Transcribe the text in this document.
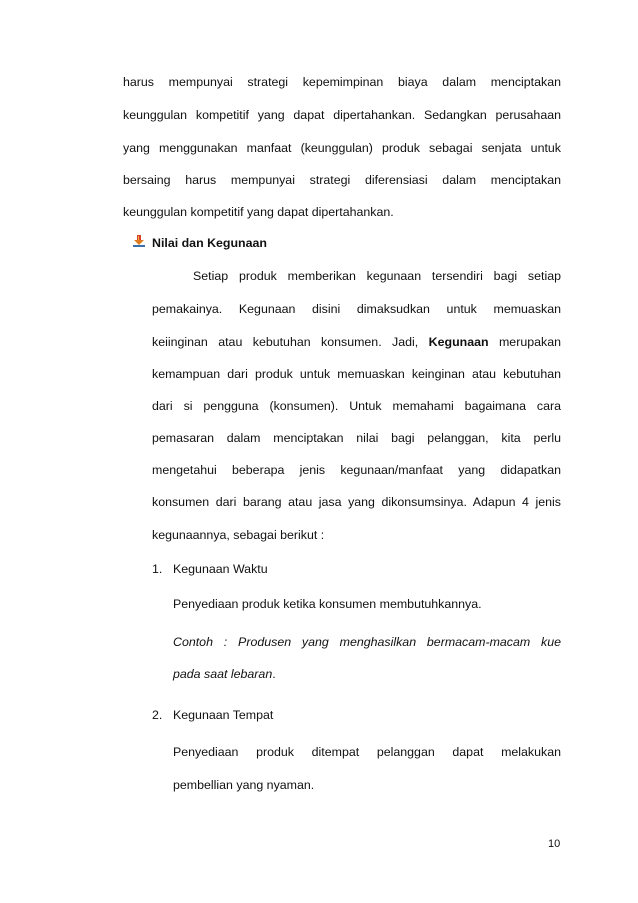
harus mempunyai strategi kepemimpinan biaya dalam menciptakan
keunggulan kompetitif yang dapat dipertahankan. Sedangkan perusahaan
yang menggunakan manfaat (keunggulan) produk sebagai senjata untuk
bersaing harus mempunyai strategi diferensiasi dalam menciptakan
keunggulan kompetitif yang dapat dipertahankan.
Nilai dan Kegunaan
Setiap produk memberikan kegunaan tersendiri bagi setiap
pemakainya. Kegunaan disini dimaksudkan untuk memuaskan
keiinginan atau kebutuhan konsumen. Jadi, Kegunaan merupakan
kemampuan dari produk untuk memuaskan keinginan atau kebutuhan
dari si pengguna (konsumen). Untuk memahami bagaimana cara
pemasaran dalam menciptakan nilai bagi pelanggan, kita perlu
mengetahui beberapa jenis kegunaan/manfaat yang didapatkan
konsumen dari barang atau jasa yang dikonsumsinya. Adapun 4 jenis
kegunaannya, sebagai berikut :
1. Kegunaan Waktu
Penyediaan produk ketika konsumen membutuhkannya.
Contoh : Produsen yang menghasilkan bermacam-macam kue
pada saat lebaran.
2. Kegunaan Tempat
Penyediaan produk ditempat pelanggan dapat melakukan
pembellian yang nyaman.
10
